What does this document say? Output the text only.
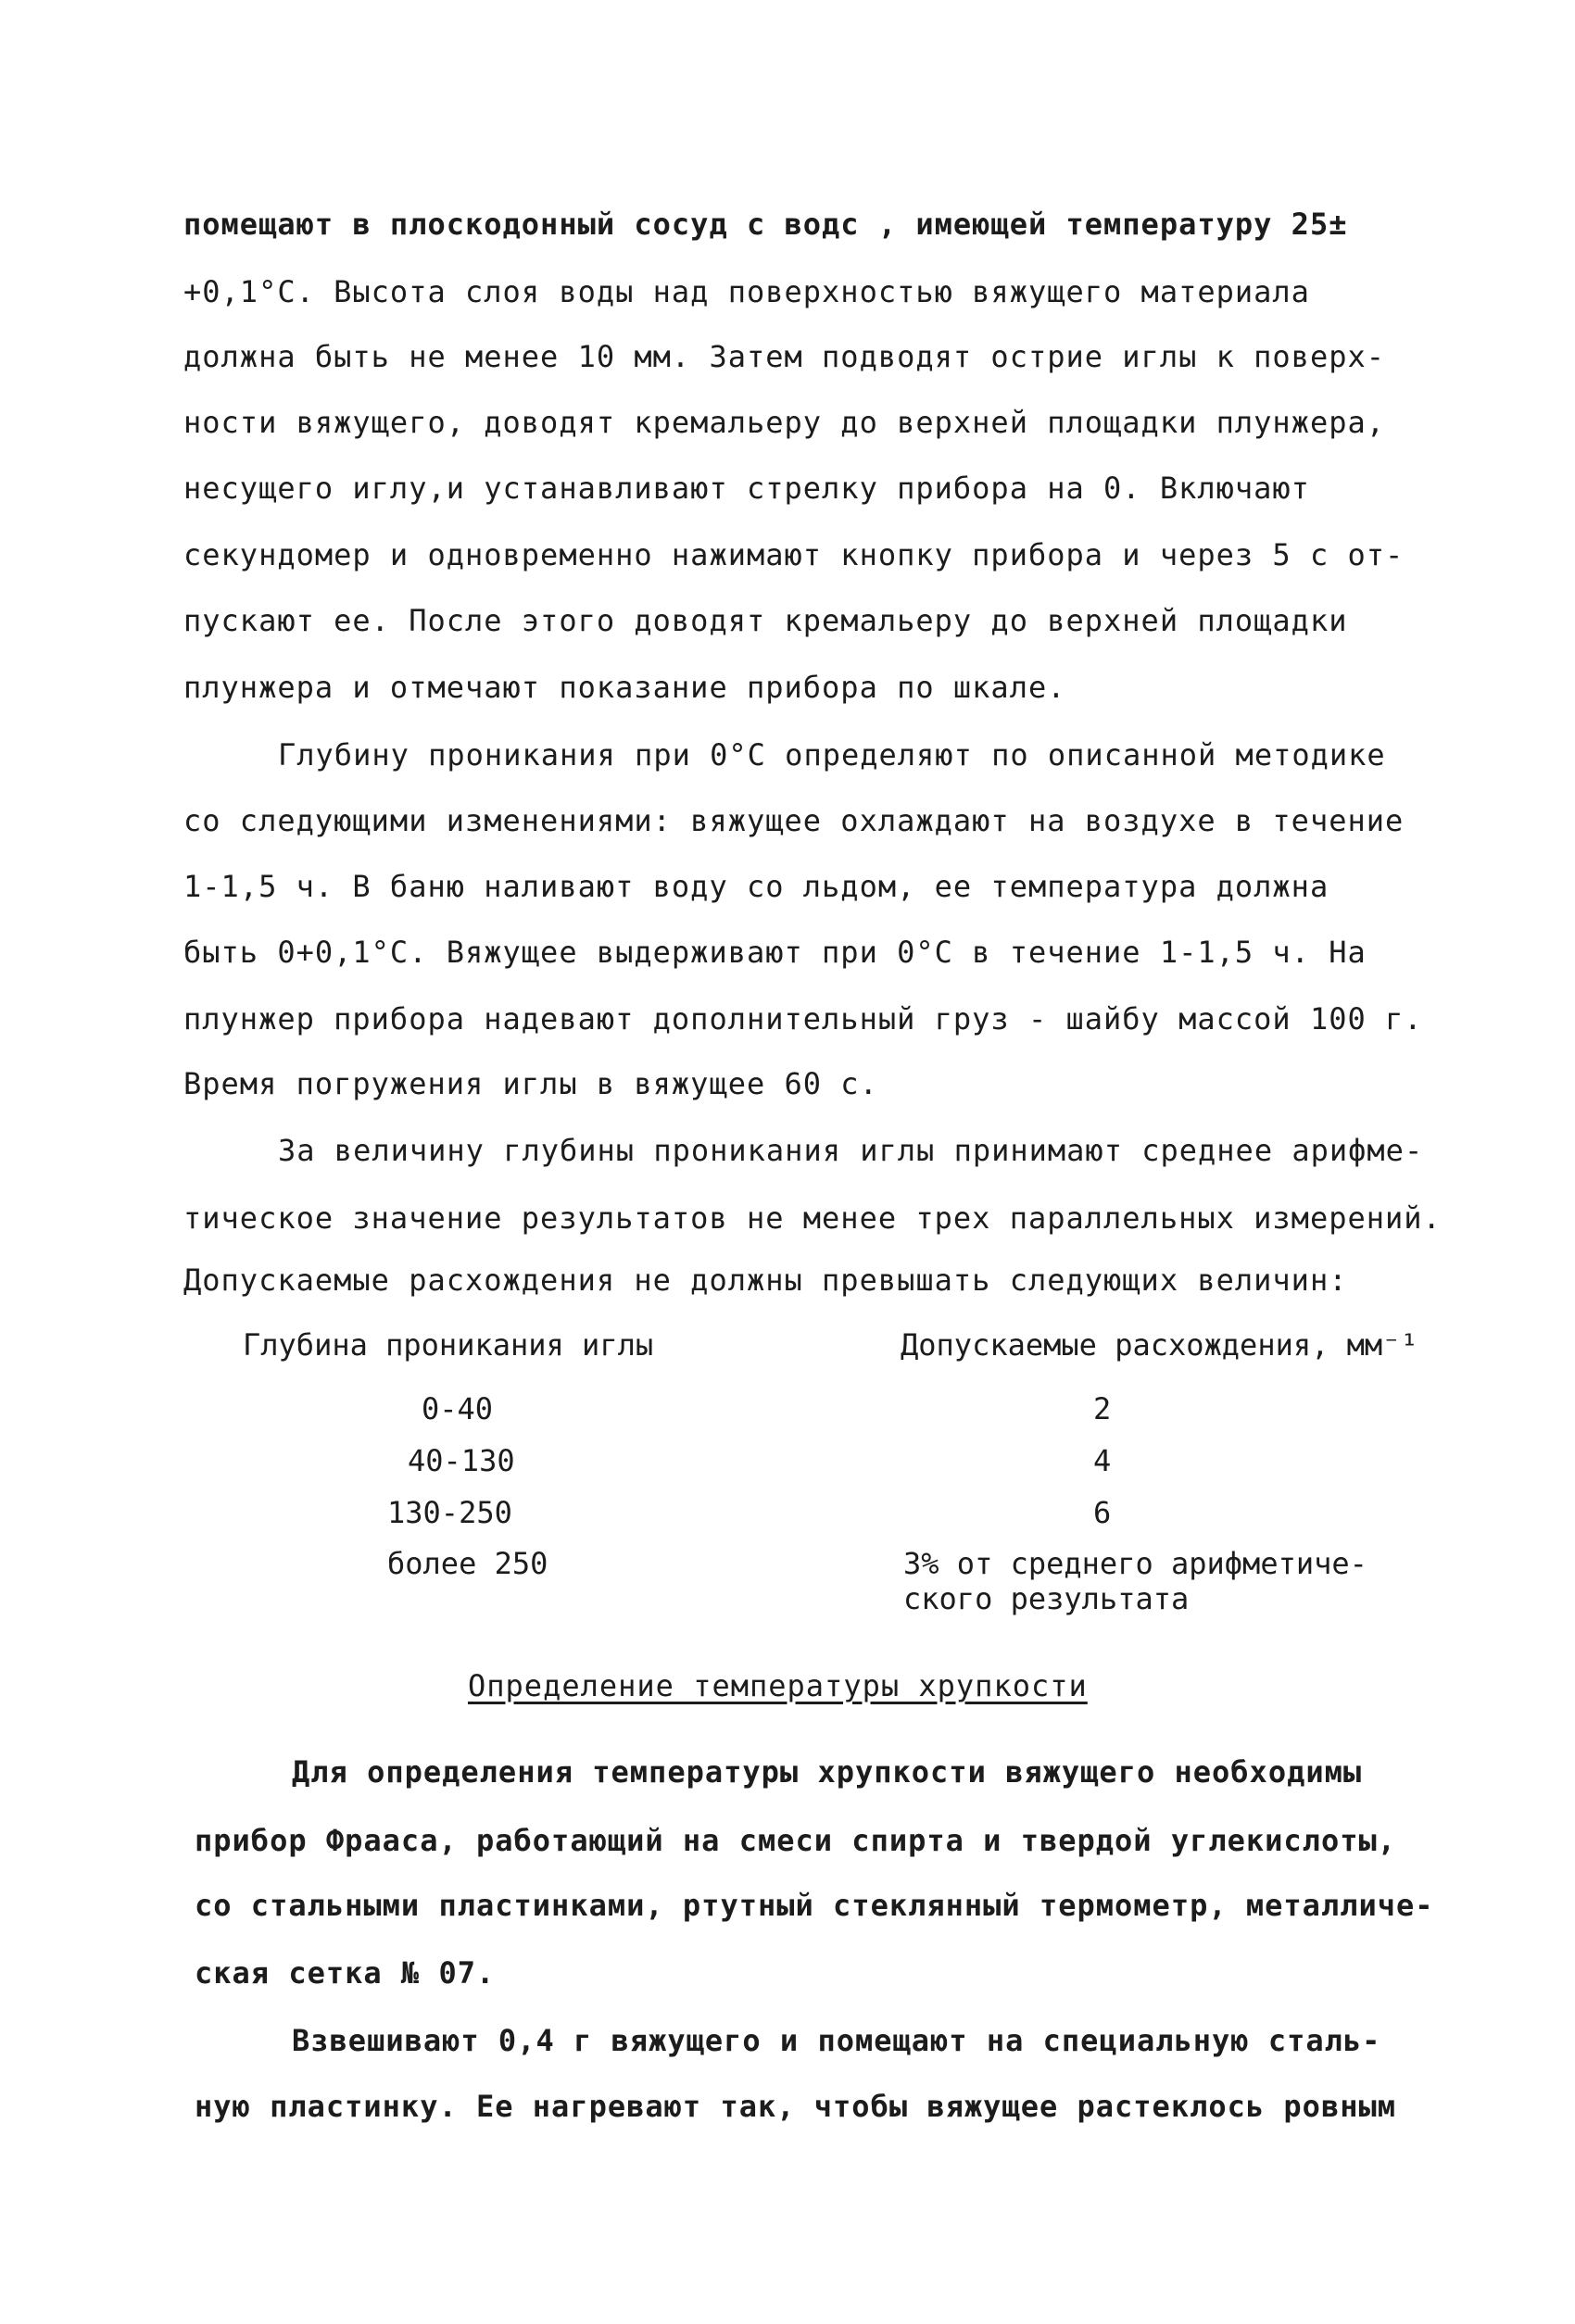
помещают в плоскодонный сосуд с водс , имеющей температуру 25±
+0,1°С. Высота слоя воды над поверхностью вяжущего материала
должна быть не менее 10 мм. Затем подводят острие иглы к поверх-
ности вяжущего, доводят кремальеру до верхней площадки плунжера,
несущего иглу,и устанавливают стрелку прибора на 0. Включают
секундомер и одновременно нажимают кнопку прибора и через 5 с от-
пускают ее. После этого доводят кремальеру до верхней площадки
плунжера и отмечают показание прибора по шкале.
Глубину проникания при 0°С определяют по описанной методике
со следующими изменениями: вяжущее охлаждают на воздухе в течение
1-1,5 ч. В баню наливают воду со льдом, ее температура должна
быть 0+0,1°С. Вяжущее выдерживают при 0°С в течение 1-1,5 ч. На
плунжер прибора надевают дополнительный груз - шайбу массой 100 г.
Время погружения иглы в вяжущее 60 с.
За величину глубины проникания иглы принимают среднее арифме-
тическое значение результатов не менее трех параллельных измерений.
Допускаемые расхождения не должны превышать следующих величин:
Глубина проникания иглы	Допускаемые расхождения, мм⁻¹
0-40	2
40-130	4
130-250	6
более 250	3% от среднего арифметиче-
ского результата
Определение температуры хрупкости
Для определения температуры хрупкости вяжущего необходимы
прибор Фрааса, работающий на смеси спирта и твердой углекислоты,
со стальными пластинками, ртутный стеклянный термометр, металличе-
ская сетка № 07.
Взвешивают 0,4 г вяжущего и помещают на специальную сталь-
ную пластинку. Ее нагревают так, чтобы вяжущее растеклось ровным
